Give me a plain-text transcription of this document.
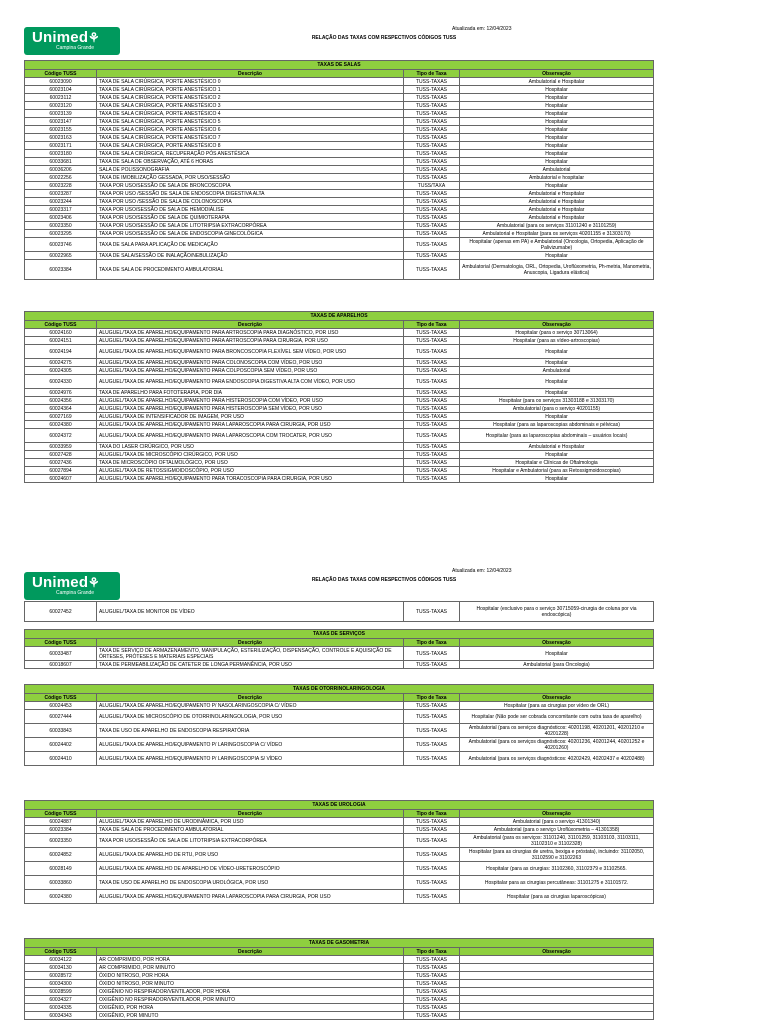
Unimed ⚘
Campina Grande
Atualizada em: 12/04/2023
RELAÇÃO DAS TAXAS COM RESPECTIVOS CÓDIGOS TUSS
TAXAS DE SALAS			
Código TUSS	Descrição	Tipo de Taxa	Observação
60023090	TAXA DE SALA CIRÚRGICA, PORTE ANESTÉSICO 0	TUSS-TAXAS	Ambulatorial e Hospitalar
60023104	TAXA DE SALA CIRÚRGICA, PORTE ANESTÉSICO 1	TUSS-TAXAS	Hospitalar
60023112	TAXA DE SALA CIRÚRGICA, PORTE ANESTÉSICO 2	TUSS-TAXAS	Hospitalar
60023120	TAXA DE SALA CIRÚRGICA, PORTE ANESTÉSICO 3	TUSS-TAXAS	Hospitalar
60023139	TAXA DE SALA CIRÚRGICA, PORTE ANESTÉSICO 4	TUSS-TAXAS	Hospitalar
60023147	TAXA DE SALA CIRÚRGICA, PORTE ANESTÉSICO 5	TUSS-TAXAS	Hospitalar
60023155	TAXA DE SALA CIRÚRGICA, PORTE ANESTÉSICO 6	TUSS-TAXAS	Hospitalar
60023163	TAXA DE SALA CIRÚRGICA, PORTE ANESTÉSICO 7	TUSS-TAXAS	Hospitalar
60023171	TAXA DE SALA CIRÚRGICA, PORTE ANESTÉSICO 8	TUSS-TAXAS	Hospitalar
60023180	TAXA DE SALA CIRÚRGICA, RECUPERAÇÃO PÓS ANESTÉSICA	TUSS-TAXAS	Hospitalar
60033681	TAXA DE SALA DE OBSERVAÇÃO, ATÉ 6 HORAS	TUSS-TAXAS	Hospitalar
60036206	SALA DE POLISSONOGRAFIA	TUSS-TAXAS	Ambulatorial
60022256	TAXA DE IMOBILIZAÇÃO GESSADA, POR USO/SESSÃO	TUSS-TAXAS	Ambulatorial e hospitalar
60023228	TAXA POR USO/SESSÃO DE SALA DE BRONCOSCOPIA	TUSS/TAXA	Hospitalar
60023287	TAXA POR USO /SESSÃO DE SALA DE ENDOSCOPIA DIGESTIVA ALTA	TUSS-TAXAS	Ambulatorial e Hospitalar
60023244	TAXA POR USO /SESSÃO DE SALA DE COLONOSCOPIA	TUSS-TAXAS	Ambulatorial e Hospitalar
60023317	TAXA POR USO/SESSÃO DE SALA DE HEMODIÁLISE	TUSS-TAXAS	Ambulatorial e Hospitalar
60023406	TAXA POR USO/SESSÃO DE SALA DE QUIMIOTERAPIA	TUSS-TAXAS	Ambulatorial e Hospitalar
60023350	TAXA POR USO/SESSÃO DE SALA DE LITOTRIPSIA EXTRACORPÓREA	TUSS-TAXAS	Ambulatorial (para os serviços 31101240 e 31101259)
60023295	TAXA POR USO/SESSÃO DE SALA DE ENDOSCOPIA GINECOLÓGICA	TUSS-TAXAS	Ambulatorial e Hospitalar (para os serviços 40201155 e 31303170)
60023746	TAXA DE SALA PARA APLICAÇÃO DE MEDICAÇÃO	TUSS-TAXAS	Hospitalar (apenas em PA) e Ambulatorial (Oncologia, Ortopedia, Aplicação de Palivizumabe)
60022965	TAXA DE SALA/SESSÃO DE INALAÇÃO/NEBULIZAÇÃO	TUSS-TAXAS	Hospitalar
60023384	TAXA DE SALA DE PROCEDIMENTO AMBULATORIAL	TUSS-TAXAS	Ambulatorial (Dermatologia, ORL, Ortopedia, Uroflúxometria, Ph-metria, Manometria, Anuscopia, Ligadura elástica)
TAXAS DE APARELHOS			
Código TUSS	Descrição	Tipo de Taxa	Observação
60024160	ALUGUEL/TAXA DE APARELHO/EQUIPAMENTO PARA ARTROSCOPIA PARA DIAGNÓSTICO, POR USO	TUSS-TAXAS	Hospitalar (para o serviço 30713064)
60024151	ALUGUEL/TAXA DE APARELHO/EQUIPAMENTO PARA ARTROSCOPIA PARA CIRURGIA, POR USO	TUSS-TAXAS	Hospitalar (para as vídeo-artroscopias)
60024194	ALUGUEL/TAXA DE APARELHO/EQUIPAMENTO PARA BRONCOSCOPIA FLEXÍVEL SEM VÍDEO, POR USO	TUSS-TAXAS	Hospitalar
60024275	ALUGUEL/TAXA DE APARELHO/EQUIPAMENTO PARA COLONOSCOPIA COM VÍDEO, POR USO	TUSS-TAXAS	Hospitalar
60024305	ALUGUEL/TAXA DE APARELHO/EQUIPAMENTO PARA COLPOSCOPIA SEM VÍDEO, POR USO	TUSS-TAXAS	Ambulatorial
60024330	ALUGUEL/TAXA DE APARELHO/EQUIPAMENTO PARA ENDOSCOPIA DIGESTIVA ALTA COM VÍDEO, POR USO	TUSS-TAXAS	Hospitalar
60024976	TAXA DE APARELHO PARA FOTOTERAPIA, POR DIA	TUSS-TAXAS	Hospitalar
60024356	ALUGUEL/TAXA DE APARELHO/EQUIPAMENTO PARA HISTEROSCOPIA COM VÍDEO, POR USO	TUSS-TAXAS	Hospitalar (para os serviços 31303188 e 31303170)
60024364	ALUGUEL/TAXA DE APARELHO/EQUIPAMENTO PARA HISTEROSCOPIA SEM VÍDEO, POR USO	TUSS-TAXAS	Ambulatorial (para o serviço 40201155)
60027169	ALUGUEL/TAXA DE INTENSIFICADOR DE IMAGEM, POR USO	TUSS-TAXAS	Hospitalar
60024380	ALUGUEL/TAXA DE APARELHO/EQUIPAMENTO PARA LAPAROSCOPIA PARA CIRURGIA, POR USO	TUSS-TAXAS	Hospitalar (para as laparoscopias abdominais e pélvicas)
60024372	ALUGUEL/TAXA DE APARELHO/EQUIPAMENTO PARA LAPAROSCOPIA COM TROCATER, POR USO	TUSS-TAXAS	Hospitalar (para as laparoscopias abdominais – usuários locais)
60033959	TAXA DO LASER CIRÚRGICO, POR USO	TUSS-TAXAS	Ambulatorial e Hospitalar
60027428	ALUGUEL/TAXA DE MICROSCÓPIO CIRÚRGICO, POR USO	TUSS-TAXAS	Hospitalar
60027436	TAXA DE MICROSCÓPIO OFTALMOLÓGICO, POR USO	TUSS-TAXAS	Hospitalar e Clínicas de Oftalmologia
60027894	ALUGUEL/TAXA DE RETOSSIGMOIDOSCÓPIO, POR USO	TUSS-TAXAS	Hospitalar e Ambulatorial (para as Retossigmoidoscopias)
60024607	ALUGUEL/TAXA DE APARELHO/EQUIPAMENTO PARA TORACOSCOPIA PARA CIRURGIA, POR USO	TUSS-TAXAS	Hospitalar
Unimed ⚘
Campina Grande
Atualizada em: 12/04/2023
RELAÇÃO DAS TAXAS COM RESPECTIVOS CÓDIGOS TUSS
60027452	ALUGUEL/TAXA DE MONITOR DE VÍDEO	TUSS-TAXAS	Hospitalar (exclusivo para o serviço 30715059-cirurgia de coluna por via endoscópica)
TAXAS DE SERVIÇOS			
Código TUSS	Descrição	Tipo de Taxa	Observação
60033487	TAXA DE SERVIÇO DE ARMAZENAMENTO, MANIPULAÇÃO, ESTERILIZAÇÃO, DISPENSAÇÃO, CONTROLE E AQUISIÇÃO DE ÓRTESES, PRÓTESES E MATERIAIS ESPECIAIS	TUSS-TAXAS	Hospitalar
60018607	TAXA DE PERMEABILIZAÇÃO DE CATETER DE LONGA PERMANÊNCIA, POR USO	TUSS-TAXAS	Ambulatorial (para Oncologia)
TAXAS DE OTORRINOLARINGOLOGIA			
Código TUSS	Descrição	Tipo de Taxa	Observação
60024453	ALUGUEL/TAXA DE APARELHO/EQUIPAMENTO P/ NASOLARINGOSCOPIA C/ VÍDEO	TUSS-TAXAS	Hospitalar (para as cirurgias por vídeo de ORL)
60027444	ALUGUEL/TAXA DE MICROSCÓPIO DE OTORRINOLARINGOLOGIA, POR USO	TUSS-TAXAS	Hospitalar (Não pode ser cobrada concomitante com outra taxa de aparelho)
60033843	TAXA DE USO DE APARELHO DE ENDOSCOPIA RESPIRATÓRIA	TUSS-TAXAS	Ambulatorial (para os serviços diagnósticos: 40201198, 40201201, 40201210 e 40201228)
60024402	ALUGUEL/TAXA DE APARELHO/EQUIPAMENTO P/ LARINGOSCOPIA C/ VÍDEO	TUSS-TAXAS	Ambulatorial (para os serviços diagnósticos: 40201236, 40201244, 40201252 e 40201260)
60024410	ALUGUEL/TAXA DE APARELHO/EQUIPAMENTO P/ LARINGOSCOPIA S/ VÍDEO	TUSS-TAXAS	Ambulatorial (para os serviços diagnósticos: 40202429, 40202437 e 40202488)
TAXAS DE UROLOGIA			
Código TUSS	Descrição	Tipo de Taxa	Observação
60024887	ALUGUEL/TAXA DE APARELHO DE URODINÂMICA, POR USO	TUSS-TAXAS	Ambulatorial (para o serviço 41301340)
60023384	TAXA DE SALA DE PROCEDIMENTO AMBULATORIAL	TUSS-TAXAS	Ambulatorial (para o serviço Uroflúxometria – 41301358)
60023350	TAXA POR USO/SESSÃO DE SALA DE LITOTRIPSIA EXTRACORPÓREA	TUSS-TAXAS	Ambulatorial (para os serviços: 31101240, 31101259, 31103103, 31103111, 31102310 e 31102328)
60024852	ALUGUEL/TAXA DE APARELHO DE RTU, POR USO	TUSS-TAXAS	Hospitalar (para as cirurgias de uretra, bexiga e próstata), incluindo: 31102050, 31102590 e 31102263
60028149	ALUGUEL/TAXA DE APARELHO DE APARELHO DE VÍDEO-URETEROSCÓPIO	TUSS-TAXAS	Hospitalar (para as cirurgias: 31102360, 31102379 e 31102565.
60033860	TAXA DE USO DE APARELHO DE ENDOSCOPIA UROLÓGICA, POR USO	TUSS-TAXAS	Hospitalar para as cirurgias percutâneas: 31101275 e 31101572.
60024380	ALUGUEL/TAXA DE APARELHO/EQUIPAMENTO PARA LAPAROSCOPIA PARA CIRURGIA, POR USO	TUSS-TAXAS	Hospitalar (para as cirurgias laparoscópicas)
TAXAS DE GASOMETRIA			
Código TUSS	Descrição	Tipo de Taxa	Observação
60034122	AR COMPRIMIDO, POR HORA	TUSS-TAXAS	
60034130	AR COMPRIMIDO, POR MINUTO	TUSS-TAXAS	
60028572	ÓXIDO NITROSO, POR HORA	TUSS-TAXAS	
60034300	ÓXIDO NITROSO, POR MINUTO	TUSS-TAXAS	
60028599	OXIGÊNIO NO RESPIRADOR/VENTILADOR, POR HORA	TUSS-TAXAS	
60034327	OXIGÊNIO NO RESPIRADOR/VENTILADOR, POR MINUTO	TUSS-TAXAS	
60034335	OXIGÊNIO, POR HORA	TUSS-TAXAS	
60034343	OXIGÊNIO, POR MINUTO	TUSS-TAXAS	
